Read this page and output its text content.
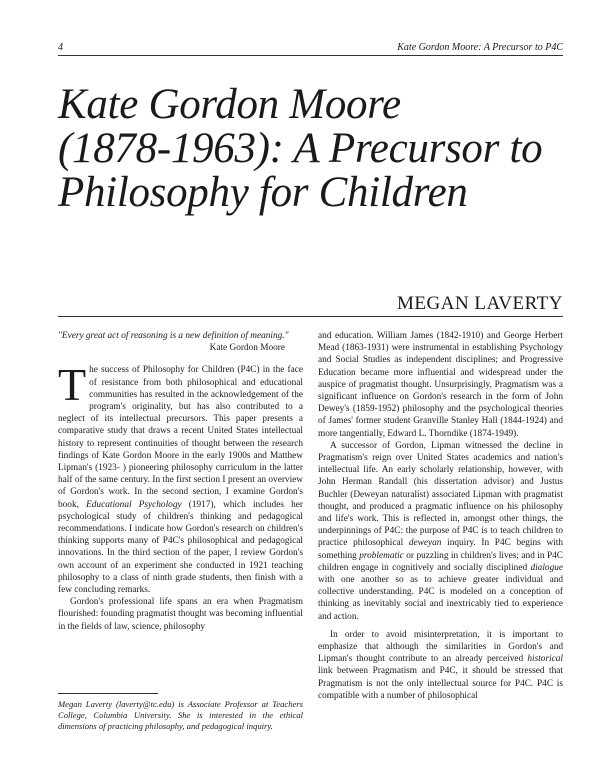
4	Kate Gordon Moore: A Precursor to P4C
Kate Gordon Moore
(1878-1963): A Precursor to
Philosophy for Children
MEGAN LAVERTY

"Every great act of reasoning is a new definition of meaning."

Kate Gordon Moore

The success of Philosophy for Children (P4C) in the face of resistance from both philosophical and educational communities has resulted in the acknowledgement of the program's originality, but has also contributed to a neglect of its intellectual precursors. This paper presents a comparative study that draws a recent United States intellectual history to represent continuities of thought between the research findings of Kate Gordon Moore in the early 1900s and Matthew Lipman's (1923- ) pioneering philosophy curriculum in the latter half of the same century. In the first section I present an overview of Gordon's work. In the second section, I examine Gordon's book, Educational Psychology (1917), which includes her psychological study of children's thinking and pedagogical recommendations. I indicate how Gordon's research on children's thinking supports many of P4C's philosophical and pedagogical innovations. In the third section of the paper, I review Gordon's own account of an experiment she conducted in 1921 teaching philosophy to a class of ninth grade students, then finish with a few concluding remarks.

Gordon's professional life spans an era when Pragmatism flourished: founding pragmatist thought was becoming influential in the fields of law, science, philosophy

and education. William James (1842-1910) and George Herbert Mead (1863-1931) were instrumental in establishing Psychology and Social Studies as independent disciplines; and Progressive Education became more influential and widespread under the auspice of pragmatist thought. Unsurprisingly, Pragmatism was a significant influence on Gordon's research in the form of John Dewey's (1859-1952) philosophy and the psychological theories of James' former student Granville Stanley Hall (1844-1924) and more tangentially, Edward L. Thorndike (1874-1949).

A successor of Gordon, Lipman witnessed the decline in Pragmatism's reign over United States academics and nation's intellectual life. An early scholarly relationship, however, with John Herman Randall (his dissertation advisor) and Justus Buchler (Deweyan naturalist) associated Lipman with pragmatist thought, and produced a pragmatic influence on his philosophy and life's work. This is reflected in, amongst other things, the underpinnings of P4C: the purpose of P4C is to teach children to practice philosophical deweyan inquiry. In P4C begins with something problematic or puzzling in children's lives; and in P4C children engage in cognitively and socially disciplined dialogue with one another so as to achieve greater individual and collective understanding. P4C is modeled on a conception of thinking as inevitably social and inextricably tied to experience and action.

In order to avoid misinterpretation, it is important to emphasize that although the similarities in Gordon's and Lipman's thought contribute to an already perceived historical link between Pragmatism and P4C, it should be stressed that Pragmatism is not the only intellectual source for P4C. P4C is compatible with a number of philosophical

Megan Laverty (laverty@tc.edu) is Associate Professor at Teachers College, Columbia University. She is interested in the ethical dimensions of practicing philosophy, and pedagogical inquiry.
